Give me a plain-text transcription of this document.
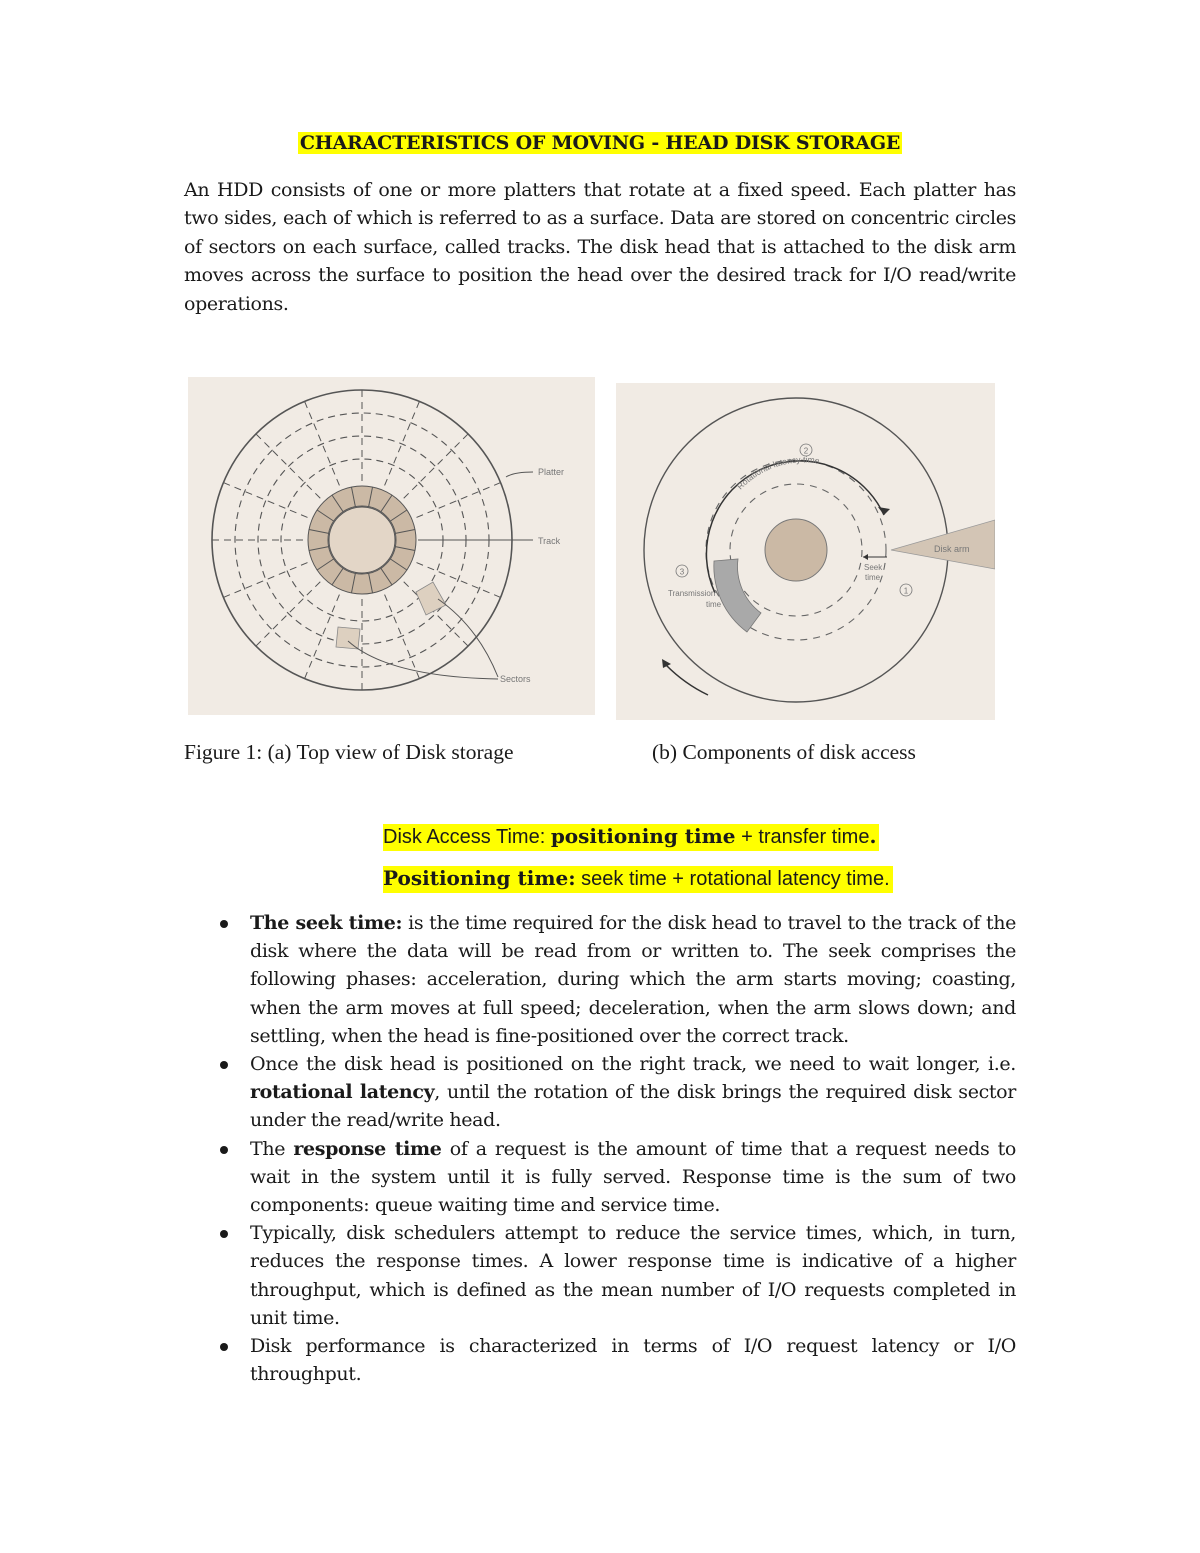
CHARACTERISTICS OF MOVING - HEAD DISK STORAGE
An HDD consists of one or more platters that rotate at a fixed speed. Each platter has two sides, each of which is referred to as a surface. Data are stored on concentric circles of sectors on each surface, called tracks. The disk head that is attached to the disk arm moves across the surface to position the head over the desired track for I/O read/write operations.
Platter
Track
Sectors
2
3
1
Rotational latency time
Disk arm
Seek
time
Transmission
time
Figure 1: (a) Top view of Disk storage	(b) Components of disk access
Disk Access Time: positioning time + transfer time.
Positioning time: seek time + rotational latency time.
The seek time: is the time required for the disk head to travel to the track of the disk where the data will be read from or written to. The seek comprises the following phases: acceleration, during which the arm starts moving; coasting, when the arm moves at full speed; deceleration, when the arm slows down; and settling, when the head is fine-positioned over the correct track.
Once the disk head is positioned on the right track, we need to wait longer, i.e. rotational latency, until the rotation of the disk brings the required disk sector under the read/write head.
The response time of a request is the amount of time that a request needs to wait in the system until it is fully served. Response time is the sum of two components: queue waiting time and service time.
Typically, disk schedulers attempt to reduce the service times, which, in turn, reduces the response times. A lower response time is indicative of a higher throughput, which is defined as the mean number of I/O requests completed in unit time.
Disk performance is characterized in terms of I/O request latency or I/O throughput.
